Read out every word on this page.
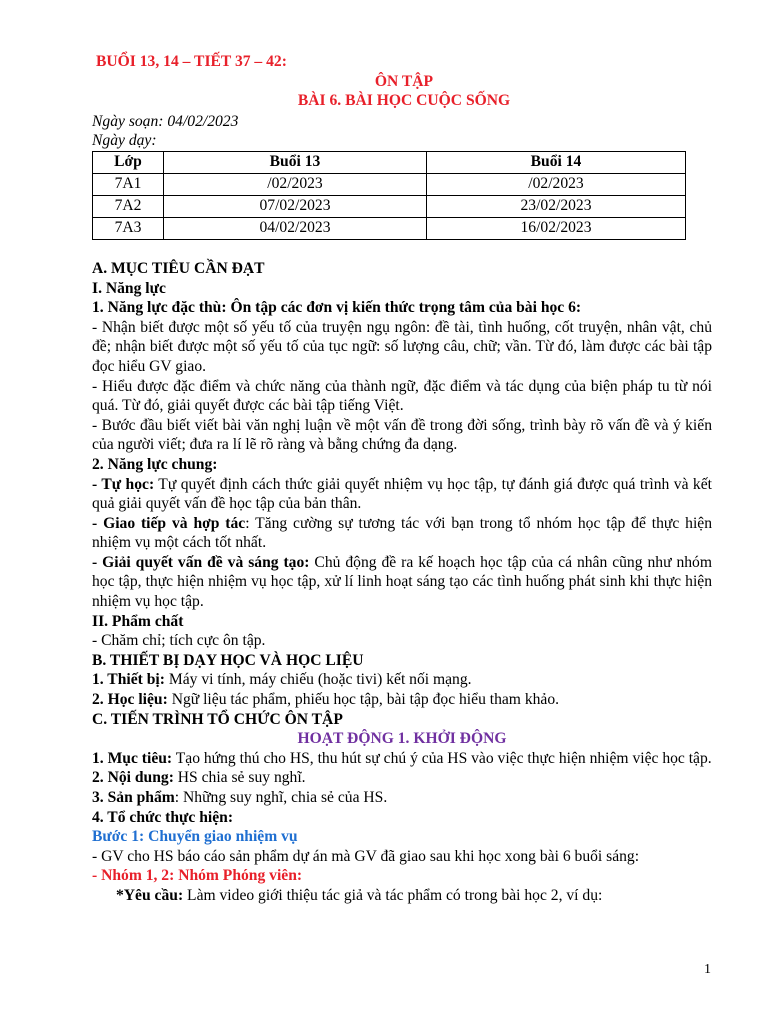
BUỔI 13, 14 – TIẾT 37 – 42:
ÔN TẬP
BÀI 6. BÀI HỌC CUỘC SỐNG
Ngày soạn: 04/02/2023
Ngày dạy:
Lớp	Buổi 13	Buổi 14
7A1	/02/2023	/02/2023
7A2	07/02/2023	23/02/2023
7A3	04/02/2023	16/02/2023
A. MỤC TIÊU CẦN ĐẠT
I. Năng lực
1. Năng lực đặc thù: Ôn tập các đơn vị kiến thức trọng tâm của bài học 6:
- Nhận biết được một số yếu tố của truyện ngụ ngôn: đề tài, tình huống, cốt truyện, nhân vật, chủ đề; nhận biết được một số yếu tố của tục ngữ: số lượng câu, chữ; vần. Từ đó, làm được các bài tập đọc hiểu GV giao.
- Hiểu được đặc điểm và chức năng của thành ngữ, đặc điểm và tác dụng của biện pháp tu từ nói quá. Từ đó, giải quyết được các bài tập tiếng Việt.
- Bước đầu biết viết bài văn nghị luận về một vấn đề trong đời sống, trình bày rõ vấn đề và ý kiến của người viết; đưa ra lí lẽ rõ ràng và bằng chứng đa dạng.
2. Năng lực chung:
- Tự học: Tự quyết định cách thức giải quyết nhiệm vụ học tập, tự đánh giá được quá trình và kết quả giải quyết vấn đề học tập của bản thân.
- Giao tiếp và hợp tác: Tăng cường sự tương tác với bạn trong tổ nhóm học tập để thực hiện nhiệm vụ một cách tốt nhất.
- Giải quyết vấn đề và sáng tạo: Chủ động đề ra kế hoạch học tập của cá nhân cũng như nhóm học tập, thực hiện nhiệm vụ học tập, xử lí linh hoạt sáng tạo các tình huống phát sinh khi thực hiện nhiệm vụ học tập.
II. Phẩm chất
- Chăm chỉ; tích cực ôn tập.
B. THIẾT BỊ DẠY HỌC VÀ HỌC LIỆU
1. Thiết bị: Máy vi tính, máy chiếu (hoặc tivi) kết nối mạng.
2. Học liệu: Ngữ liệu tác phẩm, phiếu học tập, bài tập đọc hiểu tham khảo.
C. TIẾN TRÌNH TỔ CHỨC ÔN TẬP
HOẠT ĐỘNG 1. KHỞI ĐỘNG
1. Mục tiêu: Tạo hứng thú cho HS, thu hút sự chú ý của HS vào việc thực hiện nhiệm việc học tập.
2. Nội dung: HS chia sẻ suy nghĩ.
3. Sản phẩm: Những suy nghĩ, chia sẻ của HS.
4. Tổ chức thực hiện:
Bước 1: Chuyển giao nhiệm vụ
- GV cho HS báo cáo sản phẩm dự án mà GV đã giao sau khi học xong bài 6 buổi sáng:
- Nhóm 1, 2: Nhóm Phóng viên:
*Yêu cầu: Làm video giới thiệu tác giả và tác phẩm có trong bài học 2, ví dụ:
1
